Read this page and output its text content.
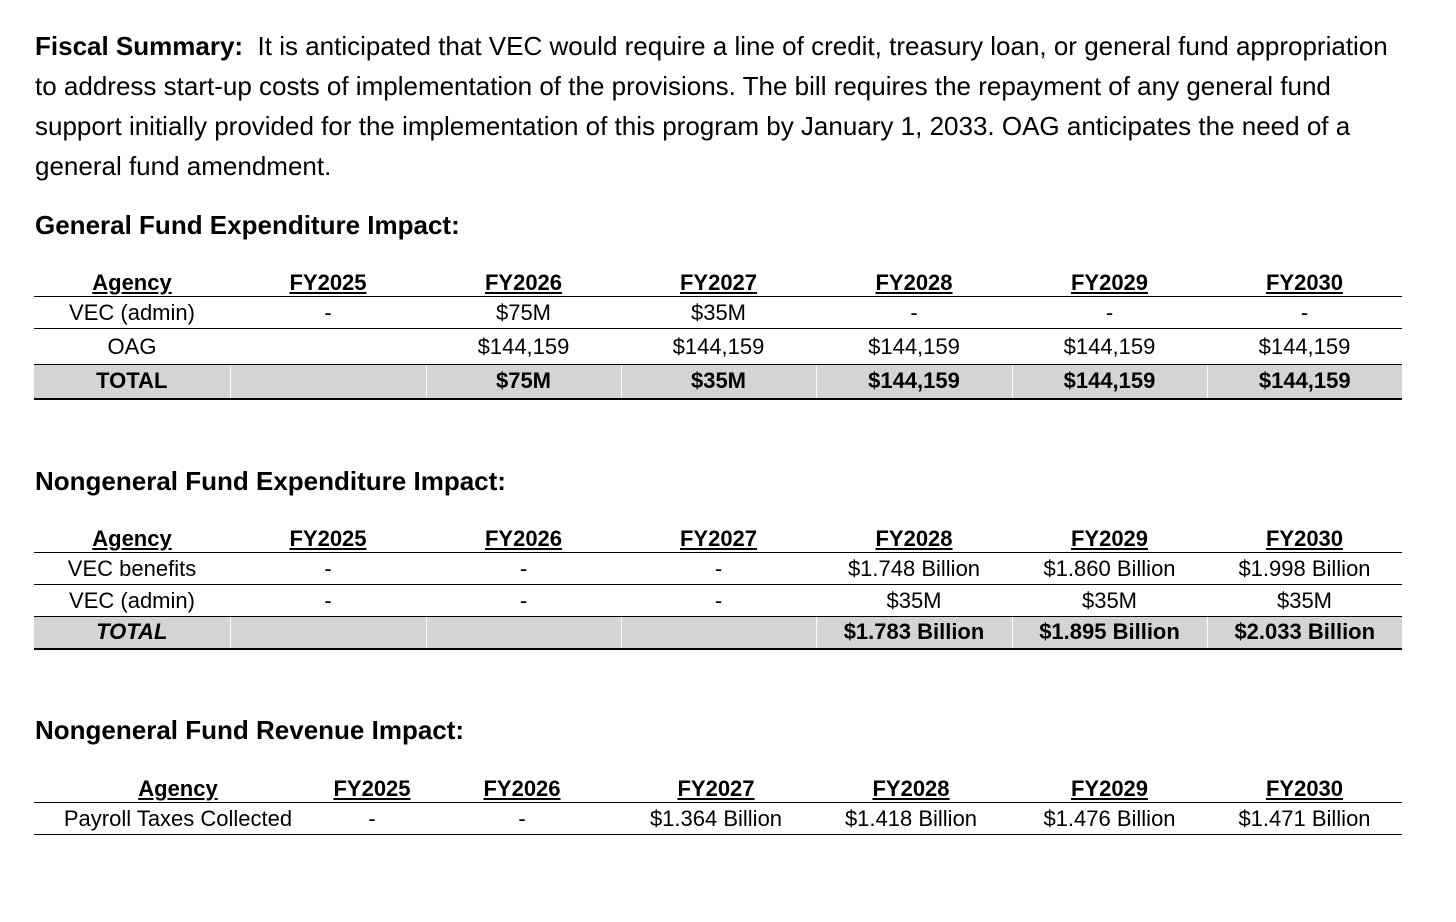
Fiscal Summary: It is anticipated that VEC would require a line of credit, treasury loan, or general fund appropriation to address start-up costs of implementation of the provisions. The bill requires the repayment of any general fund support initially provided for the implementation of this program by January 1, 2033. OAG anticipates the need of a general fund amendment.

General Fund Expenditure Impact:
Agency	FY2025	FY2026	FY2027	FY2028	FY2029	FY2030
VEC (admin)	-	$75M	$35M	-	-	-
OAG		$144,159	$144,159	$144,159	$144,159	$144,159
TOTAL		$75M	$35M	$144,159	$144,159	$144,159
Nongeneral Fund Expenditure Impact:
Agency	FY2025	FY2026	FY2027	FY2028	FY2029	FY2030
VEC benefits	-	-	-	$1.748 Billion	$1.860 Billion	$1.998 Billion
VEC (admin)	-	-	-	$35M	$35M	$35M
TOTAL				$1.783 Billion	$1.895 Billion	$2.033 Billion
Nongeneral Fund Revenue Impact:
Agency	FY2025	FY2026	FY2027	FY2028	FY2029	FY2030
Payroll Taxes Collected	-	-	$1.364 Billion	$1.418 Billion	$1.476 Billion	$1.471 Billion
